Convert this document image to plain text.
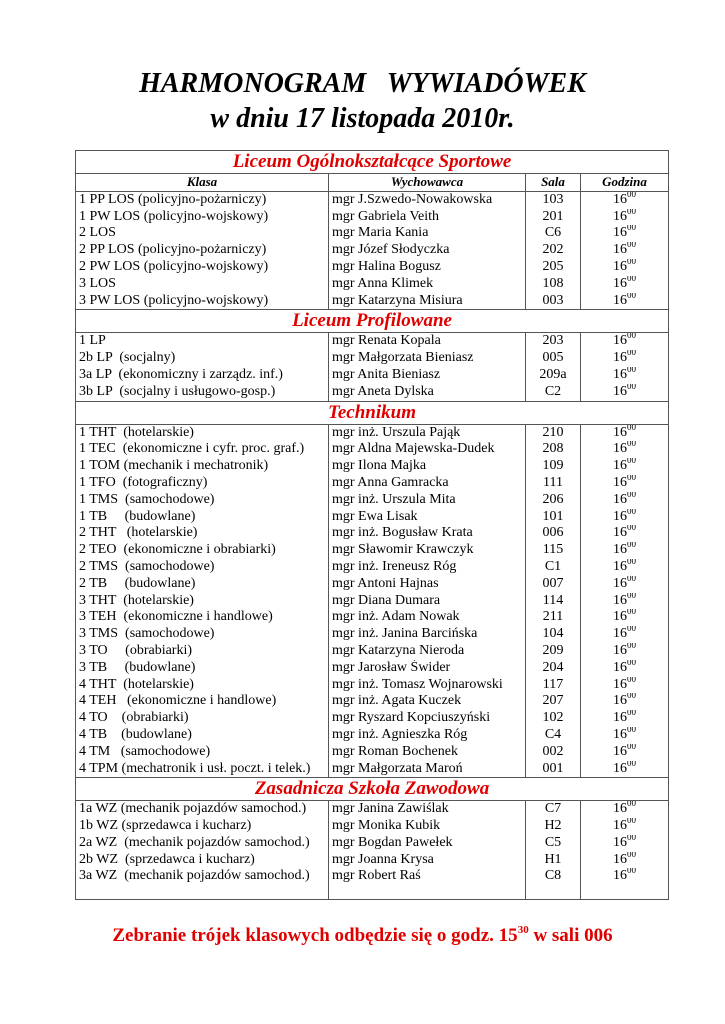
HARMONOGRAM   WYWIADÓWEK
w dniu 17 listopada 2010r.
Liceum Ogólnokształcące Sportowe			
Klasa	Wychowawca	Sala	Godzina
1 PP LOS (policyjno-pożarniczy)	mgr J.Szwedo-Nowakowska	103	$16^{00}$
1 PW LOS (policyjno-wojskowy)	mgr Gabriela Veith	201	$16^{00}$
2 LOS	mgr Maria Kania	C6	$16^{00}$
2 PP LOS (policyjno-pożarniczy)	mgr Józef Słodyczka	202	$16^{00}$
2 PW LOS (policyjno-wojskowy)	mgr Halina Bogusz	205	$16^{00}$
3 LOS	mgr Anna Klimek	108	$16^{00}$
3 PW LOS (policyjno-wojskowy)	mgr Katarzyna Misiura	003	$16^{00}$
Liceum Profilowane			
1 LP	mgr Renata Kopala	203	$16^{00}$
2b LP  (socjalny)	mgr Małgorzata Bieniasz	005	$16^{00}$
3a LP  (ekonomiczny i zarządz. inf.)	mgr Anita Bieniasz	209a	$16^{00}$
3b LP  (socjalny i usługowo-gosp.)	mgr Aneta Dylska	C2	$16^{00}$
Technikum			
1 THT  (hotelarskie)	mgr inż. Urszula Pająk	210	$16^{00}$
1 TEC  (ekonomiczne i cyfr. proc. graf.)	mgr Aldna Majewska-Dudek	208	$16^{00}$
1 TOM (mechanik i mechatronik)	mgr Ilona Majka	109	$16^{00}$
1 TFO  (fotograficzny)	mgr Anna Gamracka	111	$16^{00}$
1 TMS  (samochodowe)	mgr inż. Urszula Mita	206	$16^{00}$
1 TB     (budowlane)	mgr Ewa Lisak	101	$16^{00}$
2 THT   (hotelarskie)	mgr inż. Bogusław Krata	006	$16^{00}$
2 TEO  (ekonomiczne i obrabiarki)	mgr Sławomir Krawczyk	115	$16^{00}$
2 TMS  (samochodowe)	mgr inż. Ireneusz Róg	C1	$16^{00}$
2 TB     (budowlane)	mgr Antoni Hajnas	007	$16^{00}$
3 THT  (hotelarskie)	mgr Diana Dumara	114	$16^{00}$
3 TEH  (ekonomiczne i handlowe)	mgr inż. Adam Nowak	211	$16^{00}$
3 TMS  (samochodowe)	mgr inż. Janina Barcińska	104	$16^{00}$
3 TO     (obrabiarki)	mgr Katarzyna Nieroda	209	$16^{00}$
3 TB     (budowlane)	mgr Jarosław Świder	204	$16^{00}$
4 THT  (hotelarskie)	mgr inż. Tomasz Wojnarowski	117	$16^{00}$
4 TEH   (ekonomiczne i handlowe)	mgr inż. Agata Kuczek	207	$16^{00}$
4 TO    (obrabiarki)	mgr Ryszard Kopciuszyński	102	$16^{00}$
4 TB    (budowlane)	mgr inż. Agnieszka Róg	C4	$16^{00}$
4 TM   (samochodowe)	mgr Roman Bochenek	002	$16^{00}$
4 TPM (mechatronik i usł. poczt. i telek.)	mgr Małgorzata Maroń	001	$16^{00}$
Zasadnicza Szkoła Zawodowa			
1a WZ (mechanik pojazdów samochod.)	mgr Janina Zawiślak	C7	$16^{00}$
1b WZ (sprzedawca i kucharz)	mgr Monika Kubik	H2	$16^{00}$
2a WZ  (mechanik pojazdów samochod.)	mgr Bogdan Pawełek	C5	$16^{00}$
2b WZ  (sprzedawca i kucharz)	mgr Joanna Krysa	H1	$16^{00}$
3a WZ  (mechanik pojazdów samochod.)	mgr Robert Raś	C8	$16^{00}$

Zebranie trójek klasowych odbędzie się o godz. $15^{30}$ w sali 006
